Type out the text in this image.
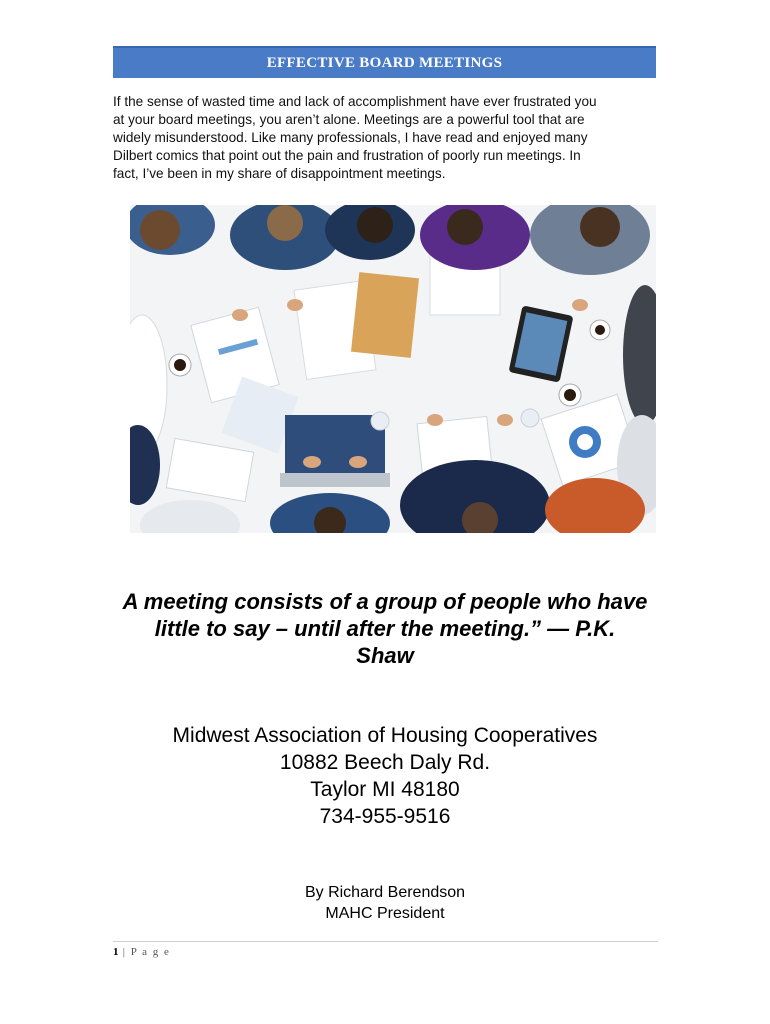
EFFECTIVE BOARD MEETINGS
If the sense of wasted time and lack of accomplishment have ever frustrated you
at your board meetings, you aren’t alone. Meetings are a powerful tool that are
widely misunderstood. Like many professionals, I have read and enjoyed many
Dilbert comics that point out the pain and frustration of poorly run meetings. In
fact, I’ve been in my share of disappointment meetings.
A meeting consists of a group of people who have
little to say – until after the meeting.” — P.K.
Shaw
Midwest Association of Housing Cooperatives
10882 Beech Daly Rd.
Taylor MI 48180
734-955-9516
By Richard Berendson
MAHC President
1 | P a g e
